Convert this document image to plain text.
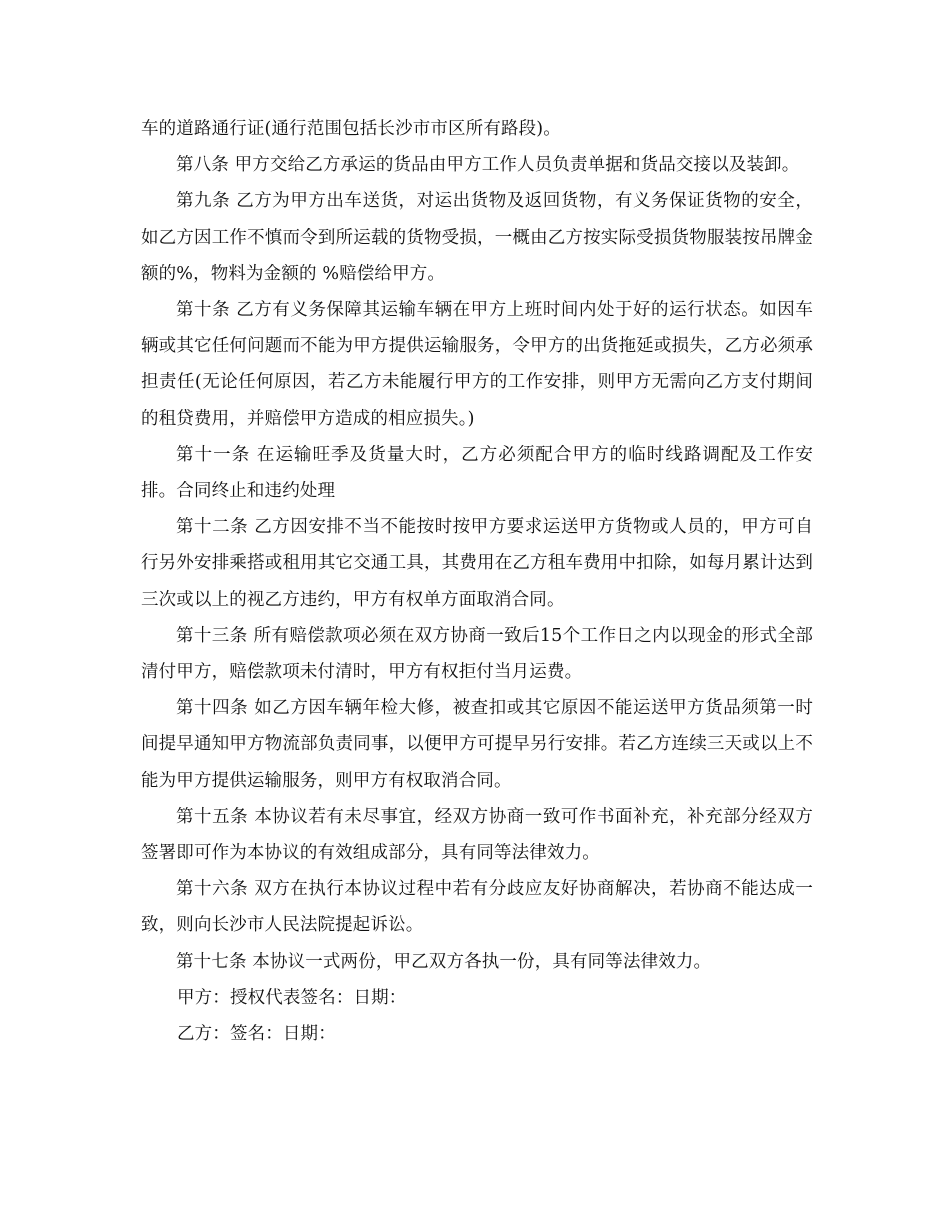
车的道路通行证(通行范围包括长沙市市区所有路段)。

第八条 甲方交给乙方承运的货品由甲方工作人员负责单据和货品交接以及装卸。

第九条 乙方为甲方出车送货，对运出货物及返回货物，有义务保证货物的安全，如乙方因工作不慎而令到所运载的货物受损，一概由乙方按实际受损货物服装按吊牌金额的%，物料为金额的 %赔偿给甲方。

第十条 乙方有义务保障其运输车辆在甲方上班时间内处于好的运行状态。如因车辆或其它任何问题而不能为甲方提供运输服务，令甲方的出货拖延或损失，乙方必须承担责任(无论任何原因，若乙方未能履行甲方的工作安排，则甲方无需向乙方支付期间的租贷费用，并赔偿甲方造成的相应损失。)

第十一条 在运输旺季及货量大时，乙方必须配合甲方的临时线路调配及工作安排。合同终止和违约处理

第十二条 乙方因安排不当不能按时按甲方要求运送甲方货物或人员的，甲方可自行另外安排乘搭或租用其它交通工具，其费用在乙方租车费用中扣除，如每月累计达到三次或以上的视乙方违约，甲方有权单方面取消合同。

第十三条 所有赔偿款项必须在双方协商一致后15个工作日之内以现金的形式全部清付甲方，赔偿款项未付清时，甲方有权拒付当月运费。

第十四条 如乙方因车辆年检大修，被查扣或其它原因不能运送甲方货品须第一时间提早通知甲方物流部负责同事，以便甲方可提早另行安排。若乙方连续三天或以上不能为甲方提供运输服务，则甲方有权取消合同。

第十五条 本协议若有未尽事宜，经双方协商一致可作书面补充，补充部分经双方签署即可作为本协议的有效组成部分，具有同等法律效力。

第十六条 双方在执行本协议过程中若有分歧应友好协商解决，若协商不能达成一致，则向长沙市人民法院提起诉讼。

第十七条 本协议一式两份，甲乙双方各执一份，具有同等法律效力。

甲方：授权代表签名：日期：

乙方：签名：日期：
